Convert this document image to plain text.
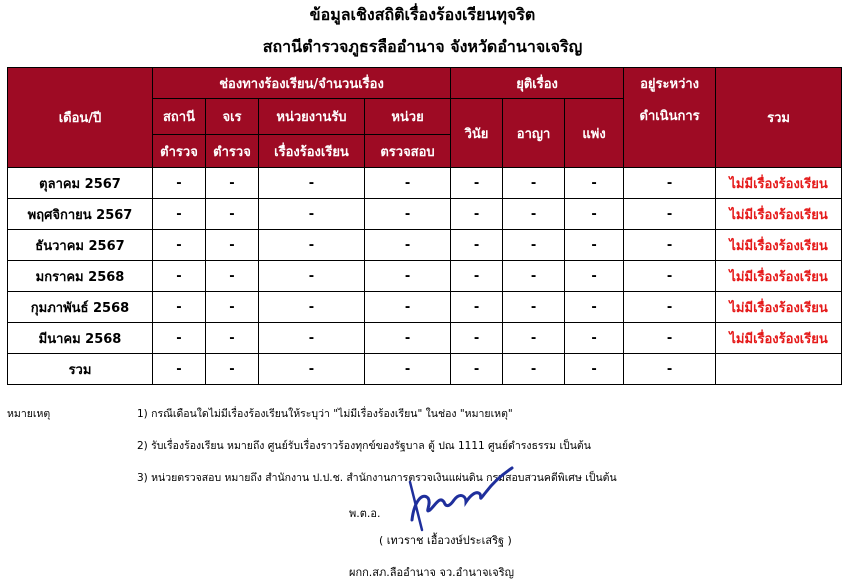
ข้อมูลเชิงสถิติเรื่องร้องเรียนทุจริต
สถานีตำรวจภูธรลืออำนาจ จังหวัดอำนาจเจริญ
เดือน/ปี	ช่องทางร้องเรียน/จำนวนเรื่อง				ยุติเรื่อง			อยู่ระหว่าง	รวม
	สถานี	จเร	หน่วยงานรับ	หน่วย	วินัย	อาญา	แพ่ง	ดำเนินการ	
	ตำรวจ	ตำรวจ	เรื่องร้องเรียน	ตรวจสอบ					
ตุลาคม 2567	-	-	-	-	-	-	-	-	ไม่มีเรื่องร้องเรียน
พฤศจิกายน 2567	-	-	-	-	-	-	-	-	ไม่มีเรื่องร้องเรียน
ธันวาคม 2567	-	-	-	-	-	-	-	-	ไม่มีเรื่องร้องเรียน
มกราคม 2568	-	-	-	-	-	-	-	-	ไม่มีเรื่องร้องเรียน
กุมภาพันธ์ 2568	-	-	-	-	-	-	-	-	ไม่มีเรื่องร้องเรียน
มีนาคม 2568	-	-	-	-	-	-	-	-	ไม่มีเรื่องร้องเรียน
รวม	-	-	-	-	-	-	-	-	
หมายเหตุ	1) กรณีเดือนใดไม่มีเรื่องร้องเรียนให้ระบุว่า "ไม่มีเรื่องร้องเรียน" ในช่อง "หมายเหตุ"
2) รับเรื่องร้องเรียน หมายถึง ศูนย์รับเรื่องราวร้องทุกข์ของรัฐบาล ตู้ ปณ 1111 ศูนย์ดำรงธรรม เป็นต้น
3) หน่วยตรวจสอบ หมายถึง สำนักงาน ป.ป.ช. สำนักงานการตรวจเงินแผ่นดิน กรมสอบสวนคดีพิเศษ เป็นต้น
พ.ต.อ.
( เทวราช เอื้อวงษ์ประเสริฐ )
ผกก.สภ.ลืออำนาจ จว.อำนาจเจริญ
